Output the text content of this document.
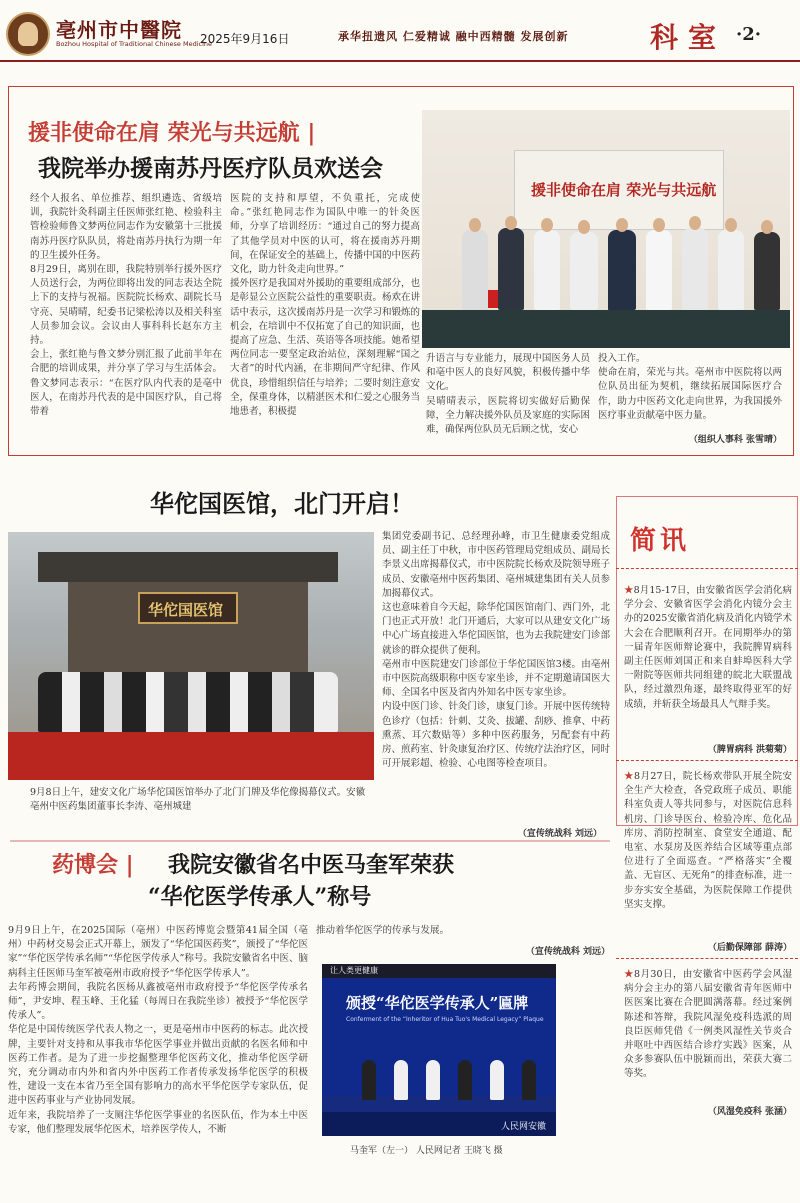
亳州市中醫院
Bozhou Hospital of Traditional Chinese Medicine
2025年9月16日	承华扭遗风 仁爱精诚 融中西精髓 发展创新	科室 ·2·
援非使命在肩 荣光与共远航 |
我院举办援南苏丹医疗队员欢送会
援非使命在肩 荣光与共远航
经个人报名、单位推荐、组织遴选、省级培训，我院针灸科副主任医师张红艳、检验科主管检验师鲁文梦两位同志作为安徽第十三批援南苏丹医疗队队员，将赴南苏丹执行为期一年的卫生援外任务。
8月29日，离别在即，我院特别举行援外医疗人员送行会，为两位即将出发的同志表达全院上下的支持与祝福。医院院长杨欢、副院长马守亮、吴晴晴，纪委书记梁松涛以及相关科室人员参加会议。会议由人事科科长赵东方主持。
会上，张红艳与鲁文梦分别汇报了此前半年在合肥的培训成果，并分享了学习与生活体会。鲁文梦同志表示：“在医疗队内代表的是亳中医人，在南苏丹代表的是中国医疗队，自己将带着
医院的支持和厚望，不负重托，完成使命。”张红艳同志作为国队中唯一的针灸医师，分享了培训经历：“通过自己的努力提高了其他学员对中医的认可，将在援南苏丹期间，在保证安全的基础上，传播中国的中医药文化，助力针灸走向世界。”
援外医疗是我国对外援助的重要组成部分，也是彰显公立医院公益性的重要职责。杨欢在讲话中表示，这次援南苏丹是一次学习和锻炼的机会，在培训中不仅拓宽了自己的知识面，也提高了应急、生活、英语等各项技能。她希望两位同志一要坚定政治站位，深刻理解“国之大者”的时代内涵，在非期间严守纪律、作风优良，珍惜组织信任与培养；二要时刻注意安全，保重身体，以精湛医术和仁爱之心服务当地患者，积极提
升语言与专业能力，展现中国医务人员和亳中医人的良好风貌，积极传播中华文化。
吴晴晴表示，医院将切实做好后勤保障，全力解决援外队员及家庭的实际困难，确保两位队员无后顾之忧，安心
投入工作。
使命在肩，荣光与共。亳州市中医院将以两位队员出征为契机，继续拓展国际医疗合作，助力中医药文化走向世界，为我国援外医疗事业贡献亳中医力量。
（组织人事科 张雪晴）
华佗国医馆，北门开启！
华佗国医馆
9月8日上午，建安文化广场华佗国医馆举办了北门门牌及华佗像揭幕仪式。安徽亳州中医药集团董事长李涛、亳州城建
集团党委副书记、总经理孙峰，市卫生健康委党组成员、副主任丁中秋，市中医药管理局党组成员、副局长李景义出席揭幕仪式，市中医院院长杨欢及院领导班子成员、安徽亳州中医药集团、亳州城建集团有关人员参加揭幕仪式。
这也意味着自今天起，除华佗国医馆南门、西门外，北门也正式开放！北门开通后，大家可以从建安文化广场中心广场直接进入华佗国医馆，也为去我院建安门诊部就诊的群众提供了便利。
亳州市中医院建安门诊部位于华佗国医馆3楼。由亳州市中医院高级职称中医专家坐诊，并不定期邀请国医大师、全国名中医及省内外知名中医专家坐诊。
内设中医门诊、针灸门诊，康复门诊。开展中医传统特色诊疗（包括：针刺、艾灸、拔罐、刮痧、推拿、中药熏蒸、耳穴数贴等）多种中医药服务，另配套有中药房、煎药室、针灸康复治疗区、传统疗法治疗区，同时可开展彩超、检验、心电图等检查项目。
（宣传统战科 刘远）
药博会 | 我院安徽省名中医马奎军荣获
“华佗医学传承人”称号
9月9日上午，在2025国际（亳州）中医药博览会暨第41届全国（亳州）中药材交易会正式开幕上，颁发了“华佗国医药奖”，颁授了“华佗医家”“华佗医学传承名师”“华佗医学传承人”称号。我院安徽省名中医、脑病科主任医师马奎军被亳州市政府授予“华佗医学传承人”。
去年药博会期间，我院名医杨从鑫被亳州市政府授予“华佗医学传承名师”，尹安坤、程玉峰、王化猛（每周日在我院坐诊）被授予“华佗医学传承人”。
华佗是中国传统医学代表人物之一，更是亳州市中医药的标志。此次授牌，主要针对支持和从事我市华佗医学事业并做出贡献的名医名师和中医药工作者。是为了进一步挖掘整理华佗医药文化，推动华佗医学研究，充分调动市内外和省内外中医药工作者传承发扬华佗医学的积极性，建设一支在本省乃至全国有影响力的高水平华佗医学专家队伍，促进中医药事业与产业协同发展。
近年来，我院培养了一支厕注华佗医学事业的名医队伍，作为本土中医专家，他们整理发展华佗医术，培养医学传人，不断
推动着华佗医学的传承与发展。
（宣传统战科 刘远）
让人类更健康
颁授“华佗医学传承人”匾牌
Conferment of the “Inheritor of Hua Tuo's Medical Legacy” Plaque
人民网安徽
马奎军（左一） 人民网记者 王晓飞 摄
简讯
★8月15-17日，由安徽省医学会消化病学分会、安徽省医学会消化内镜分会主办的2025安徽省消化病及消化内镜学术大会在合肥顺利召开。在同期举办的第一届青年医师辩论赛中，我院脾胃病科副主任医师刘国正和来自蚌埠医科大学一附院等医师共同组建的皖北大联盟战队，经过激烈角逐，最终取得亚军的好成绩，并斩获全场最具人气辩手奖。
（脾胃病科 洪菊菊）
★8月27日，院长杨欢带队开展全院安全生产大检查，各党政班子成员、职能科室负责人等共同参与，对医院信息科机房、门诊导医台、检验冷库、危化品库房、消防控制室、食堂安全通道、配电室、水泵房及医养结合区域等重点部位进行了全面巡查。“严格落实”全覆盖、无盲区、无死角”的排查标准，进一步夯实安全基础，为医院保障工作提供坚实支撑。
（后勤保障部 薛涛）
★8月30日，由安徽省中医药学会风湿病分会主办的第八届安徽省青年医师中医医案比赛在合肥圆满落幕。经过案例陈述和答辩，我院风湿免疫科选派的周良臣医师凭借《一例类风湿性关节炎合并呕吐中西医结合诊疗实践》医案，从众多参赛队伍中脱颖而出，荣获大赛二等奖。
（风湿免疫科 张涵）
